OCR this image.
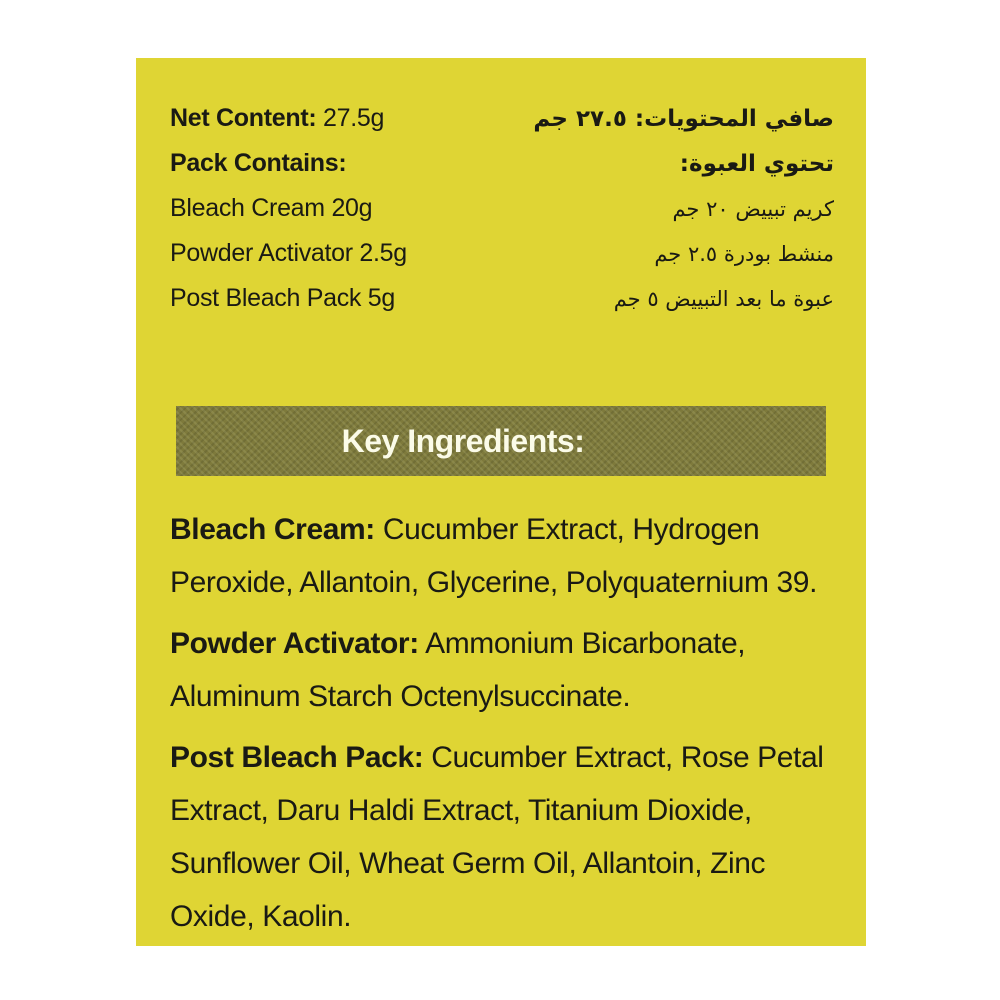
Net Content: 27.5g	صافي المحتويات: ٢٧.٥ جم
Pack Contains:	تحتوي العبوة:
Bleach Cream 20g	كريم تبييض ٢٠ جم
Powder Activator 2.5g	منشط بودرة ٢.٥ جم
Post Bleach Pack 5g	عبوة ما بعد التبييض ٥ جم
Key Ingredients:
Bleach Cream: Cucumber Extract, Hydrogen Peroxide, Allantoin, Glycerine, Polyquaternium 39.
Powder Activator: Ammonium Bicarbonate, Aluminum Starch Octenylsuccinate.
Post Bleach Pack: Cucumber Extract, Rose Petal Extract, Daru Haldi Extract, Titanium Dioxide, Sunflower Oil, Wheat Germ Oil, Allantoin, Zinc Oxide, Kaolin.
